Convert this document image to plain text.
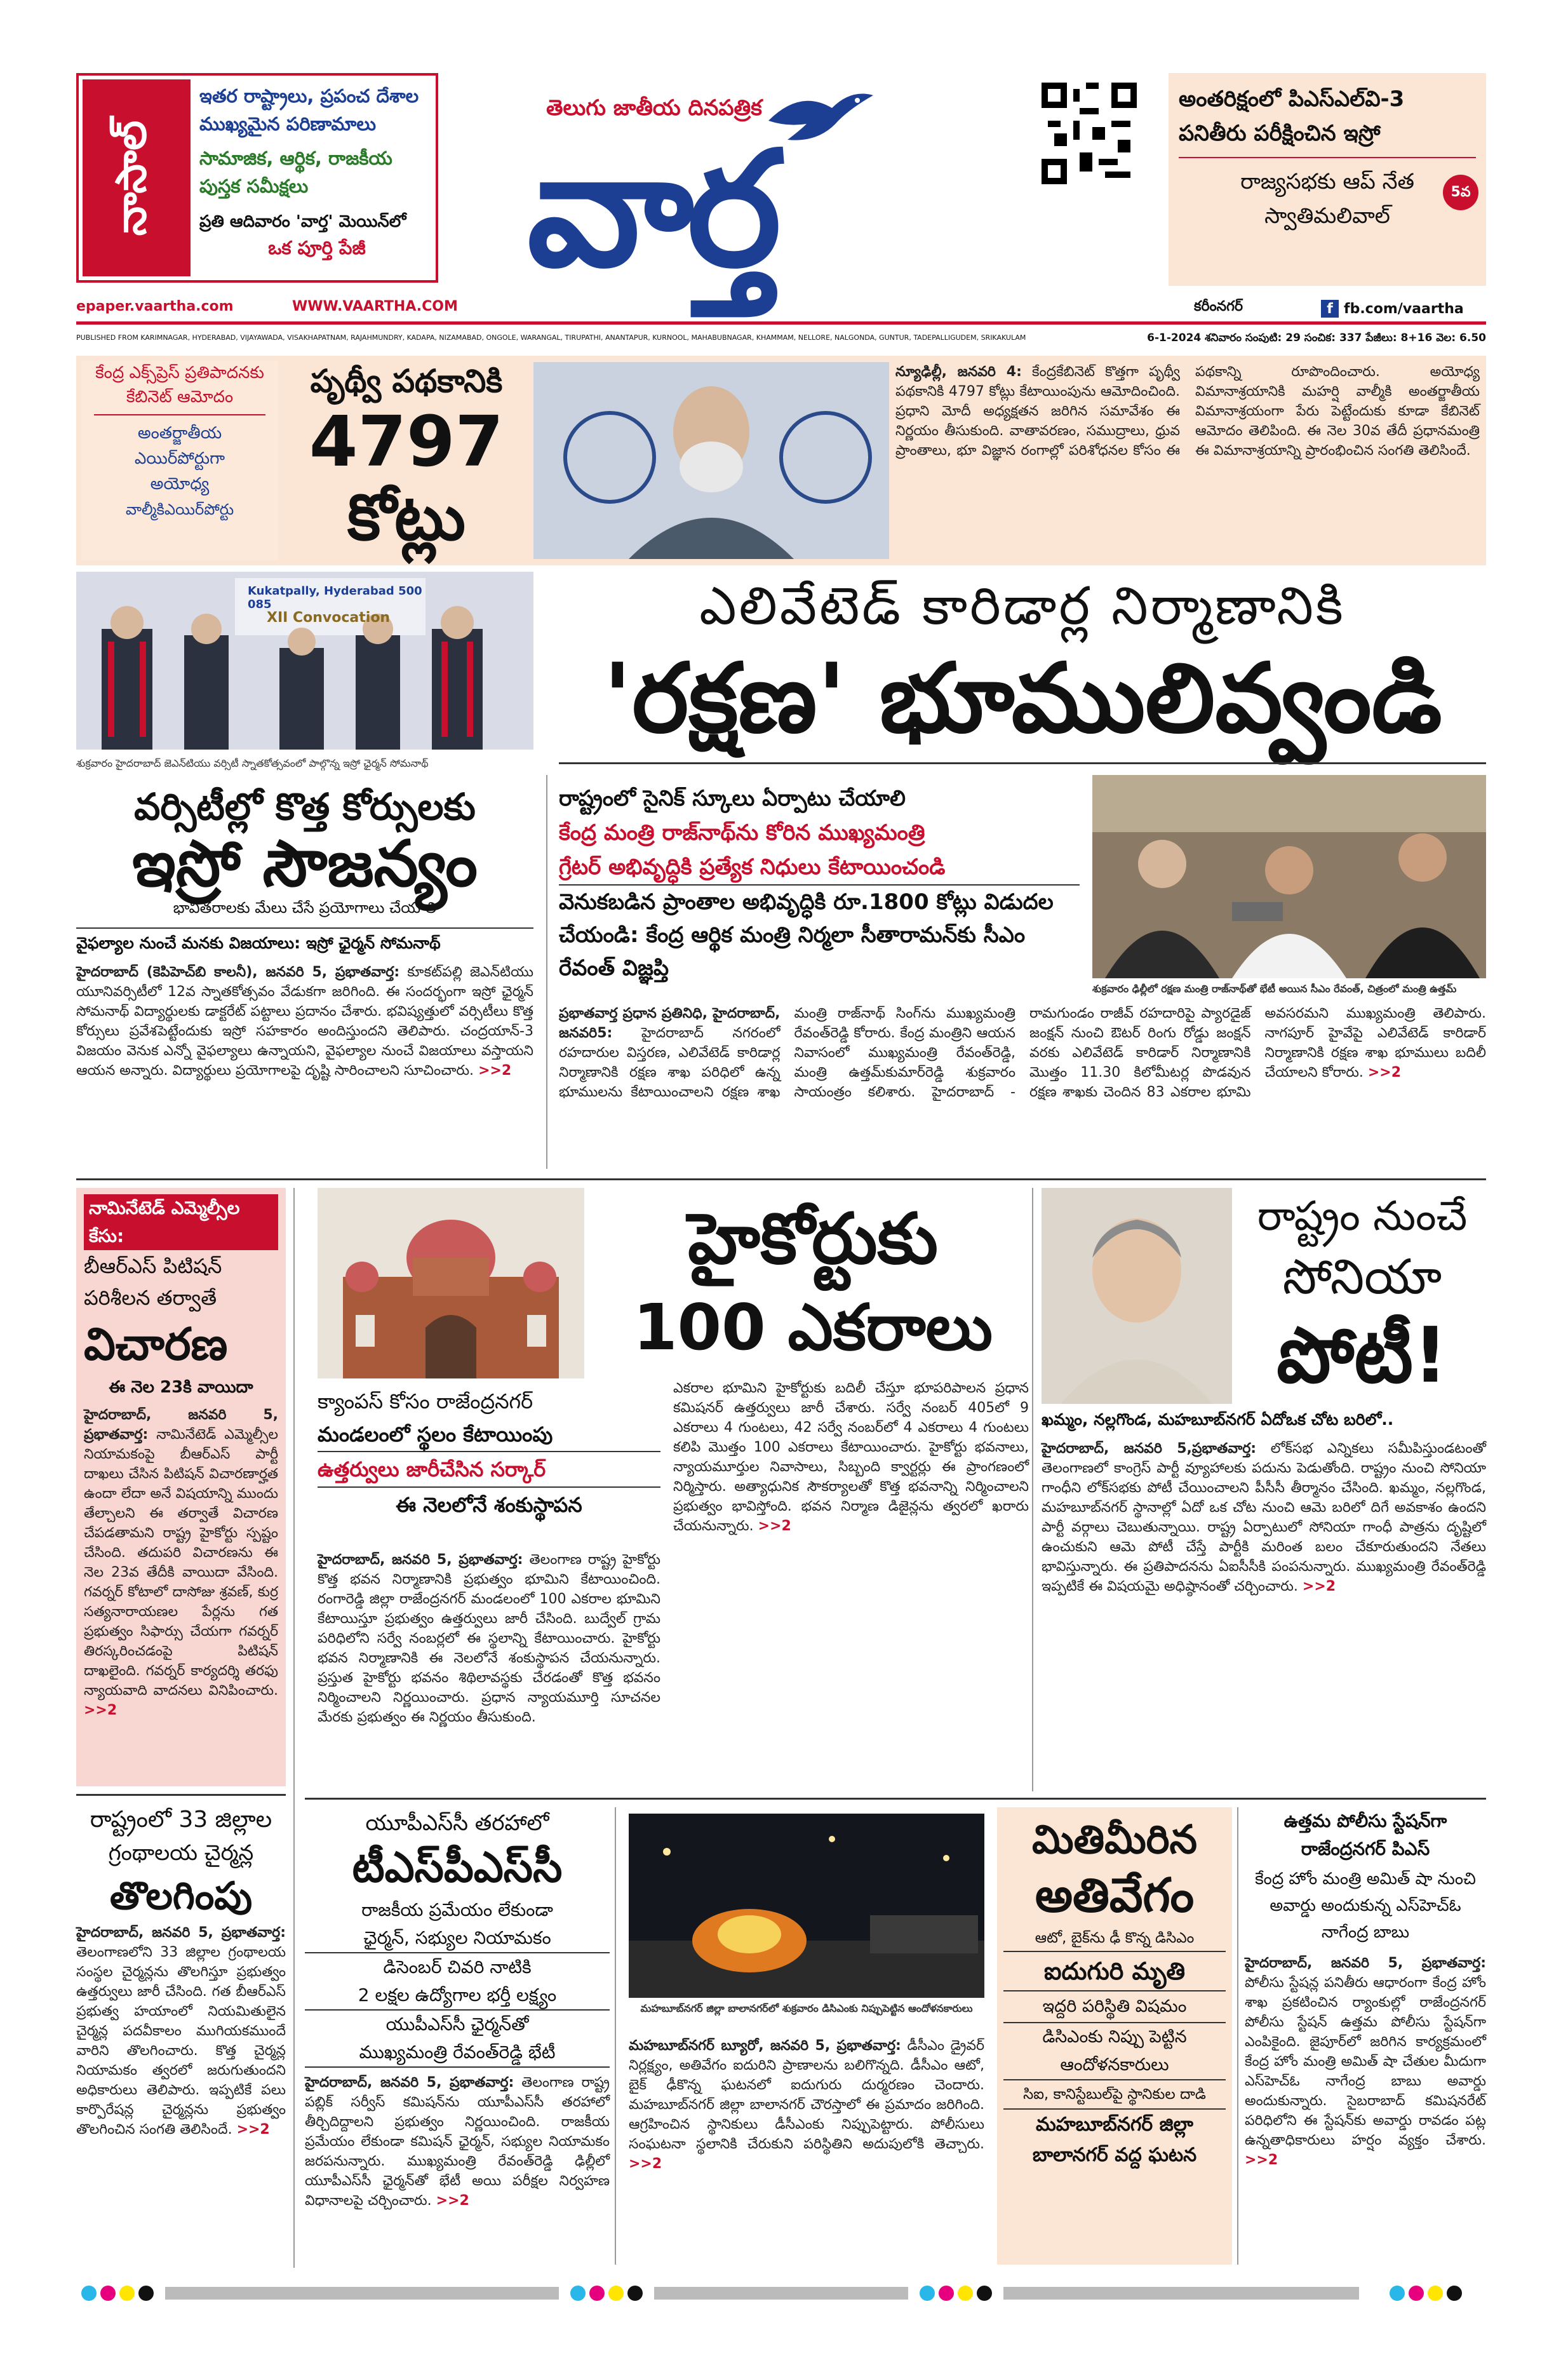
నాసాల్
ఇతర రాష్ట్రాలు, ప్రపంచ దేశాల
ముఖ్యమైన పరిణామాలు
సామాజిక, ఆర్థిక, రాజకీయ
పుస్తక సమీక్షలు
ప్రతి ఆదివారం 'వార్త' మెయిన్‌లో
ఒక పూర్తి పేజీ
తెలుగు జాతీయ దినపత్రిక
వార్త
అంతరిక్షంలో పిఎస్ఎల్‌వి-3
పనితీరు పరీక్షించిన ఇస్రో
రాజ్యసభకు ఆప్ నేత
స్వాతిమలివాల్
5వ
epaper.vaartha.com	WWW.VAARTHA.COM	కరీంనగర్	f fb.com/vaartha
PUBLISHED FROM KARIMNAGAR, HYDERABAD, VIJAYAWADA, VISAKHAPATNAM, RAJAHMUNDRY, KADAPA, NIZAMABAD, ONGOLE, WARANGAL, TIRUPATHI, ANANTAPUR, KURNOOL, MAHABUBNAGAR, KHAMMAM, NELLORE, NALGONDA, GUNTUR, TADEPALLIGUDEM, SRIKAKULAM	6-1-2024 శనివారం సంపుటి: 29 సంచిక: 337 పేజీలు: 8+16 వెల: 6.50
కేంద్ర ఎక్స్‌ప్రెస్‌ ప్రతిపాదనకు
కేబినెట్‌ ఆమోదం
అంతర్జాతీయ
ఎయిర్‌పోర్టుగా
అయోధ్య
వాల్మీకిఎయిర్‌పోర్టు
పృథ్వీ పథకానికి
4797
కోట్లు

న్యూఢిల్లీ, జనవరి 4: కేంద్రకేబినెట్‌ కొత్తగా పృథ్వీ పథకానికి 4797 కోట్లు కేటాయింపును ఆమోదించింది. ప్రధాని మోదీ అధ్యక్షతన జరిగిన సమావేశం ఈ నిర్ణయం తీసుకుంది. వాతావరణం, సముద్రాలు, ధ్రువ ప్రాంతాలు, భూ విజ్ఞాన రంగాల్లో పరిశోధనల కోసం ఈ పథకాన్ని రూపొందించారు. అయోధ్య విమానాశ్రయానికి మహర్షి వాల్మీకి అంతర్జాతీయ విమానాశ్రయంగా పేరు పెట్టేందుకు కూడా కేబినెట్‌ ఆమోదం తెలిపింది. ఈ నెల 30వ తేదీ ప్రధానమంత్రి ఈ విమానాశ్రయాన్ని ప్రారంభించిన సంగతి తెలిసిందే.

Kukatpally, Hyderabad 500 085
XII Convocation
శుక్రవారం హైదరాబాద్‌ జెఎన్‌టియు వర్సిటీ స్నాతకోత్సవంలో పాల్గొన్న ఇస్రో ఛైర్మన్‌ సోమనాథ్‌
ఎలివేటెడ్‌ కారిడార్ల నిర్మాణానికి
'రక్షణ' భూములివ్వండి
వర్సిటీల్లో కొత్త కోర్సులకు
ఇస్రో సౌజన్యం
భావితరాలకు మేలు చేసే ప్రయోగాలు చేయాలి
వైఫల్యాల నుంచే మనకు విజయాలు: ఇస్రో ఛైర్మన్‌ సోమనాథ్‌

హైదరాబాద్‌ (కెపిహెచ్‌బి కాలనీ), జనవరి 5, ప్రభాతవార్త: కూకట్‌పల్లి జెఎన్‌టియు యూనివర్సిటీలో 12వ స్నాతకోత్సవం వేడుకగా జరిగింది. ఈ సందర్భంగా ఇస్రో ఛైర్మన్‌ సోమనాథ్‌ విద్యార్థులకు డాక్టరేట్‌ పట్టాలు ప్రదానం చేశారు. భవిష్యత్తులో వర్సిటీలు కొత్త కోర్సులు ప్రవేశపెట్టేందుకు ఇస్రో సహకారం అందిస్తుందని తెలిపారు. చంద్రయాన్‌-3 విజయం వెనుక ఎన్నో వైఫల్యాలు ఉన్నాయని, వైఫల్యాల నుంచే విజయాలు వస్తాయని ఆయన అన్నారు. విద్యార్థులు ప్రయోగాలపై దృష్టి సారించాలని సూచించారు. >>2

రాష్ట్రంలో సైనిక్‌ స్కూలు ఏర్పాటు చేయాలి
కేంద్ర మంత్రి రాజ్‌నాథ్‌ను కోరిన ముఖ్యమంత్రి
గ్రేటర్‌ అభివృద్ధికి ప్రత్యేక నిధులు కేటాయించండి
వెనుకబడిన ప్రాంతాల అభివృద్ధికి రూ.1800 కోట్లు విడుదల చేయండి: కేంద్ర ఆర్థిక మంత్రి నిర్మలా సీతారామన్‌కు సీఎం రేవంత్‌ విజ్ఞప్తి
శుక్రవారం ఢిల్లీలో రక్షణ మంత్రి రాజ్‌నాథ్‌తో భేటీ అయిన సీఎం రేవంత్‌, చిత్రంలో మంత్రి ఉత్తమ్‌

ప్రభాతవార్త ప్రధాన ప్రతినిధి, హైదరాబాద్‌, జనవరి5: హైదరాబాద్‌ నగరంలో రహదారుల విస్తరణ, ఎలివేటెడ్‌ కారిడార్ల నిర్మాణానికి రక్షణ శాఖ పరిధిలో ఉన్న భూములను కేటాయించాలని రక్షణ శాఖ మంత్రి రాజ్‌నాథ్‌ సింగ్‌ను ముఖ్యమంత్రి రేవంత్‌రెడ్డి కోరారు. కేంద్ర మంత్రిని ఆయన నివాసంలో ముఖ్యమంత్రి రేవంత్‌రెడ్డి, మంత్రి ఉత్తమ్‌కుమార్‌రెడ్డి శుక్రవారం సాయంత్రం కలిశారు. హైదరాబాద్‌ - రామగుండం రాజీవ్‌ రహదారిపై ప్యారడైజ్‌ జంక్షన్‌ నుంచి ఔటర్‌ రింగు రోడ్డు జంక్షన్‌ వరకు ఎలివేటెడ్‌ కారిడార్‌ నిర్మాణానికి మొత్తం 11.30 కిలోమీటర్ల పొడవున రక్షణ శాఖకు చెందిన 83 ఎకరాల భూమి అవసరమని ముఖ్యమంత్రి తెలిపారు. నాగపూర్‌ హైవేపై ఎలివేటెడ్‌ కారిడార్‌ నిర్మాణానికి రక్షణ శాఖ భూములు బదిలీ చేయాలని కోరారు. >>2

నామినేటెడ్‌ ఎమ్మెల్సీల కేసు:
బీఆర్‌ఎస్‌ పిటిషన్‌
పరిశీలన తర్వాతే
విచారణ
ఈ నెల 23కి వాయిదా

హైదరాబాద్‌, జనవరి 5, ప్రభాతవార్త: నామినేటెడ్‌ ఎమ్మెల్సీల నియామకంపై బీఆర్‌ఎస్‌ పార్టీ దాఖలు చేసిన పిటిషన్‌ విచారణార్హత ఉందా లేదా అనే విషయాన్ని ముందు తేల్చాలని ఈ తర్వాతే విచారణ చేపడతామని రాష్ట్ర హైకోర్టు స్పష్టం చేసింది. తదుపరి విచారణను ఈ నెల 23వ తేదీకి వాయిదా వేసింది. గవర్నర్‌ కోటాలో దాసోజు శ్రవణ్‌, కుర్ర సత్యనారాయణల పేర్లను గత ప్రభుత్వం సిఫార్సు చేయగా గవర్నర్‌ తిరస్కరించడంపై పిటిషన్‌ దాఖలైంది. గవర్నర్‌ కార్యదర్శి తరఫు న్యాయవాది వాదనలు వినిపించారు. >>2

రాష్ట్రంలో 33 జిల్లాల
గ్రంథాలయ చైర్మన్ల
తొలగింపు

హైదరాబాద్‌, జనవరి 5, ప్రభాతవార్త: తెలంగాణలోని 33 జిల్లాల గ్రంథాలయ సంస్థల చైర్మన్లను తొలగిస్తూ ప్రభుత్వం ఉత్తర్వులు జారీ చేసింది. గత బీఆర్‌ఎస్‌ ప్రభుత్వ హయాంలో నియమితులైన చైర్మన్ల పదవీకాలం ముగియకముందే వారిని తొలగించారు. కొత్త చైర్మన్ల నియామకం త్వరలో జరుగుతుందని అధికారులు తెలిపారు. ఇప్పటికే పలు కార్పొరేషన్ల చైర్మన్లను ప్రభుత్వం తొలగించిన సంగతి తెలిసిందే. >>2

హైకోర్టుకు
100 ఎకరాలు
క్యాంపస్‌ కోసం రాజేంద్రనగర్‌
మండలంలో స్థలం కేటాయింపు
ఉత్తర్వులు జారీచేసిన సర్కార్‌
ఈ నెలలోనే శంకుస్థాపన

హైదరాబాద్‌, జనవరి 5, ప్రభాతవార్త: తెలంగాణ రాష్ట్ర హైకోర్టు కొత్త భవన నిర్మాణానికి ప్రభుత్వం భూమిని కేటాయించింది. రంగారెడ్డి జిల్లా రాజేంద్రనగర్‌ మండలంలో 100 ఎకరాల భూమిని కేటాయిస్తూ ప్రభుత్వం ఉత్తర్వులు జారీ చేసింది. బుద్వేల్‌ గ్రామ పరిధిలోని సర్వే నంబర్లలో ఈ స్థలాన్ని కేటాయించారు. హైకోర్టు భవన నిర్మాణానికి ఈ నెలలోనే శంకుస్థాపన చేయనున్నారు. ప్రస్తుత హైకోర్టు భవనం శిథిలావస్థకు చేరడంతో కొత్త భవనం నిర్మించాలని నిర్ణయించారు. ప్రధాన న్యాయమూర్తి సూచనల మేరకు ప్రభుత్వం ఈ నిర్ణయం తీసుకుంది.

ఎకరాల భూమిని హైకోర్టుకు బదిలీ చేస్తూ భూపరిపాలన ప్రధాన కమిషనర్‌ ఉత్తర్వులు జారీ చేశారు. సర్వే నంబర్‌ 405లో 9 ఎకరాలు 4 గుంటలు, 42 సర్వే నంబర్‌లో 4 ఎకరాలు 4 గుంటలు కలిపి మొత్తం 100 ఎకరాలు కేటాయించారు. హైకోర్టు భవనాలు, న్యాయమూర్తుల నివాసాలు, సిబ్బంది క్వార్టర్లు ఈ ప్రాంగణంలో నిర్మిస్తారు. అత్యాధునిక సౌకర్యాలతో కొత్త భవనాన్ని నిర్మించాలని ప్రభుత్వం భావిస్తోంది. భవన నిర్మాణ డిజైన్లను త్వరలో ఖరారు చేయనున్నారు. >>2

రాష్ట్రం నుంచే
సోనియా
పోటీ!
ఖమ్మం, నల్లగొండ, మహబూబ్‌నగర్‌ ఏదోఒక చోట బరిలో..

హైదరాబాద్‌, జనవరి 5,ప్రభాతవార్త: లోక్‌సభ ఎన్నికలు సమీపిస్తుండటంతో తెలంగాణలో కాంగ్రెస్‌ పార్టీ వ్యూహాలకు పదును పెడుతోంది. రాష్ట్రం నుంచి సోనియా గాంధీని లోక్‌సభకు పోటీ చేయించాలని పీసీసీ తీర్మానం చేసింది. ఖమ్మం, నల్లగొండ, మహబూబ్‌నగర్‌ స్థానాల్లో ఏదో ఒక చోట నుంచి ఆమె బరిలో దిగే అవకాశం ఉందని పార్టీ వర్గాలు చెబుతున్నాయి. రాష్ట్ర ఏర్పాటులో సోనియా గాంధీ పాత్రను దృష్టిలో ఉంచుకుని ఆమె పోటీ చేస్తే పార్టీకి మరింత బలం చేకూరుతుందని నేతలు భావిస్తున్నారు. ఈ ప్రతిపాదనను ఏఐసీసీకి పంపనున్నారు. ముఖ్యమంత్రి రేవంత్‌రెడ్డి ఇప్పటికే ఈ విషయమై అధిష్ఠానంతో చర్చించారు. >>2

యూపీఎస్‌సీ తరహాలో
టీఎస్‌పీఎస్‌సీ
రాజకీయ ప్రమేయం లేకుండా
ఛైర్మన్‌, సభ్యుల నియామకం
డిసెంబర్‌ చివరి నాటికి
2 లక్షల ఉద్యోగాల భర్తీ లక్ష్యం
యుపీఎస్‌సీ ఛైర్మన్‌తో
ముఖ్యమంత్రి రేవంత్‌రెడ్డి భేటీ

హైదరాబాద్‌, జనవరి 5, ప్రభాతవార్త: తెలంగాణ రాష్ట్ర పబ్లిక్‌ సర్వీస్‌ కమిషన్‌ను యూపీఎస్‌సీ తరహాలో తీర్చిదిద్దాలని ప్రభుత్వం నిర్ణయించింది. రాజకీయ ప్రమేయం లేకుండా కమిషన్‌ ఛైర్మన్‌, సభ్యుల నియామకం జరపనున్నారు. ముఖ్యమంత్రి రేవంత్‌రెడ్డి ఢిల్లీలో యూపీఎస్‌సీ ఛైర్మన్‌తో భేటీ అయి పరీక్షల నిర్వహణ విధానాలపై చర్చించారు. >>2

మహబూబ్‌నగర్‌ జిల్లా బాలానగర్‌లో శుక్రవారం డిసిఎంకు నిప్పుపెట్టిన ఆందోళనకారులు

మహబూబ్‌నగర్‌ బ్యూరో, జనవరి 5, ప్రభాతవార్త: డీసీఎం డ్రైవర్‌ నిర్లక్ష్యం, అతివేగం ఐదురిని ప్రాణాలను బలిగొన్నది. డీసీఎం ఆటో, బైక్‌ ఢీకొన్న ఘటనలో ఐదుగురు దుర్మరణం చెందారు. మహబూబ్‌నగర్‌ జిల్లా బాలానగర్‌ చౌరస్తాలో ఈ ప్రమాదం జరిగింది. ఆగ్రహించిన స్థానికులు డీసీఎంకు నిప్పుపెట్టారు. పోలీసులు సంఘటనా స్థలానికి చేరుకుని పరిస్థితిని అదుపులోకి తెచ్చారు. >>2

మితిమీరిన
అతివేగం
ఆటో, బైక్‌ను ఢీ కొన్న డిసిఎం
ఐదుగురి మృతి
ఇద్దరి పరిస్థితి విషమం
డిసిఎంకు నిప్పు పెట్టిన
ఆందోళనకారులు
సిఐ, కానిస్టేబుల్‌పై స్థానికుల దాడి
మహబూబ్‌నగర్‌ జిల్లా
బాలానగర్‌ వద్ద ఘటన
ఉత్తమ పోలీసు స్టేషన్‌గా
రాజేంద్రనగర్‌ పిఎస్‌
కేంద్ర హోం మంత్రి అమిత్‌ షా నుంచి అవార్డు అందుకున్న ఎస్‌హెచ్‌ఓ నాగేంద్ర బాబు

హైదరాబాద్‌, జనవరి 5, ప్రభాతవార్త: పోలీసు స్టేషన్ల పనితీరు ఆధారంగా కేంద్ర హోం శాఖ ప్రకటించిన ర్యాంకుల్లో రాజేంద్రనగర్‌ పోలీసు స్టేషన్‌ ఉత్తమ పోలీసు స్టేషన్‌గా ఎంపికైంది. జైపూర్‌లో జరిగిన కార్యక్రమంలో కేంద్ర హోం మంత్రి అమిత్‌ షా చేతుల మీదుగా ఎస్‌హెచ్‌ఓ నాగేంద్ర బాబు అవార్డు అందుకున్నారు. సైబరాబాద్‌ కమిషనరేట్‌ పరిధిలోని ఈ స్టేషన్‌కు అవార్డు రావడం పట్ల ఉన్నతాధికారులు హర్షం వ్యక్తం చేశారు. >>2
